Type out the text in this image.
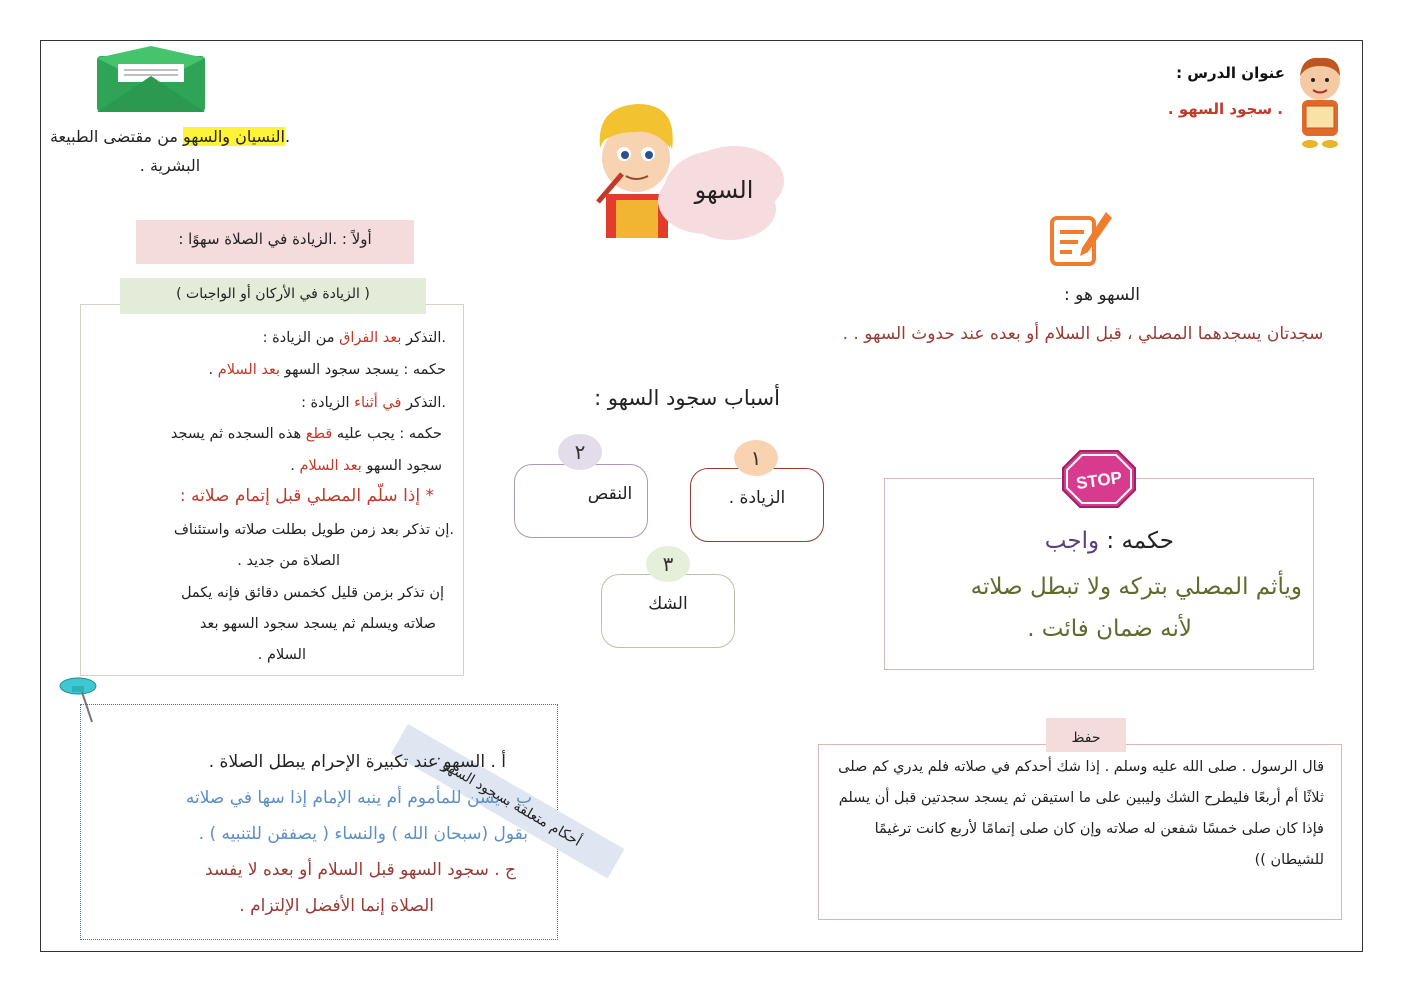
عنوان الدرس :
. سجود السهو .
.النسيان والسهو من مقتضى الطبيعة البشرية .
السهو
أولاً : .الزيادة في الصلاة سهوًا :
( الزيادة في الأركان أو الواجبات )
.التذكر بعد الفراق من الزيادة :
حكمه : يسجد سجود السهو بعد السلام .
.التذكر في أثناء الزيادة :
حكمه : يجب عليه قطع هذه السجده ثم يسجد
سجود السهو بعد السلام .
* إذا سلّم المصلي قبل إتمام صلاته :
.إن تذكر بعد زمن طويل بطلت صلاته واستئناف
الصلاة من جديد .
إن تذكر بزمن قليل كخمس دقائق فإنه يكمل
صلاته ويسلم ثم يسجد سجود السهو بعد
السلام .
أحكام متعلقة بسجود السهو :
أ . السهو عند تكبيرة الإحرام يبطل الصلاة .
ب . يسن للمأموم أم ينبه الإمام إذا سها في صلاته
بقول (سبحان الله ) والنساء ( يصفقن للتنبيه ) .
ج . سجود السهو قبل السلام أو بعده لا يفسد
الصلاة إنما الأفضل الإلتزام .
أسباب سجود السهو :
١
الزيادة .
٢
النقص
٣
الشك
السهو هو :
سجدتان يسجدهما المصلي ، قبل السلام أو بعده عند حدوث السهو . .
STOP
حكمه : واجب
ويأثم المصلي بتركه ولا تبطل صلاته
لأنه ضمان فائت .
حفظ
قال الرسول . صلى الله عليه وسلم . إذا شك أحدكم في صلاته فلم يدري كم صلى ثلاثًا أم أربعًا فليطرح الشك وليبين على ما استيقن ثم يسجد سجدتين قبل أن يسلم فإذا كان صلى خمسًا شفعن له صلاته وإن كان صلى إتمامًا لأربع كانت ترغيمًا للشيطان ))
